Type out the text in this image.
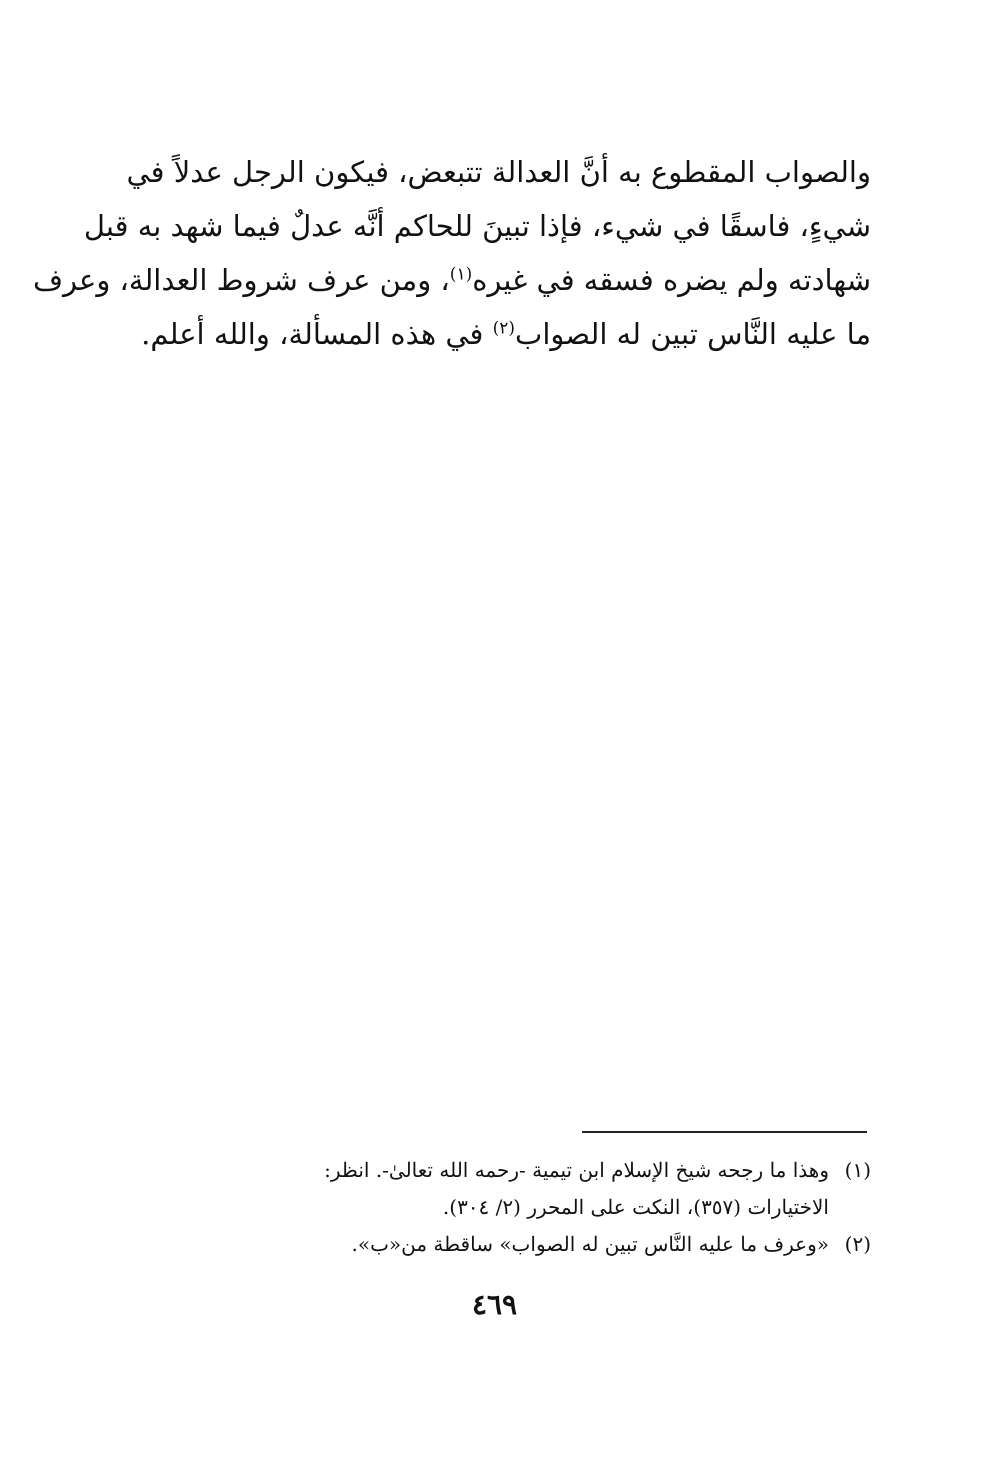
والصواب المقطوع به أنَّ العدالة تتبعض، فيكون الرجل عدلاً في
شيءٍ، فاسقًا في شيء، فإذا تبينَ للحاكم أنَّه عدلٌ فيما شهد به قبل
شهادته ولم يضره فسقه في غيره$^{(١)}$، ومن عرف شروط العدالة، وعرف
ما عليه النَّاس تبين له الصواب$^{(٢)}$ في هذه المسألة، والله أعلم.
(١)
وهذا ما رجحه شيخ الإسلام ابن تيمية -رحمه الله تعالىٰ-. انظر:
الاختيارات (٣٥٧)، النكت على المحرر (٢/ ٣٠٤).
(٢)
«وعرف ما عليه النَّاس تبين له الصواب» ساقطة من«ب».
٤٦٩
